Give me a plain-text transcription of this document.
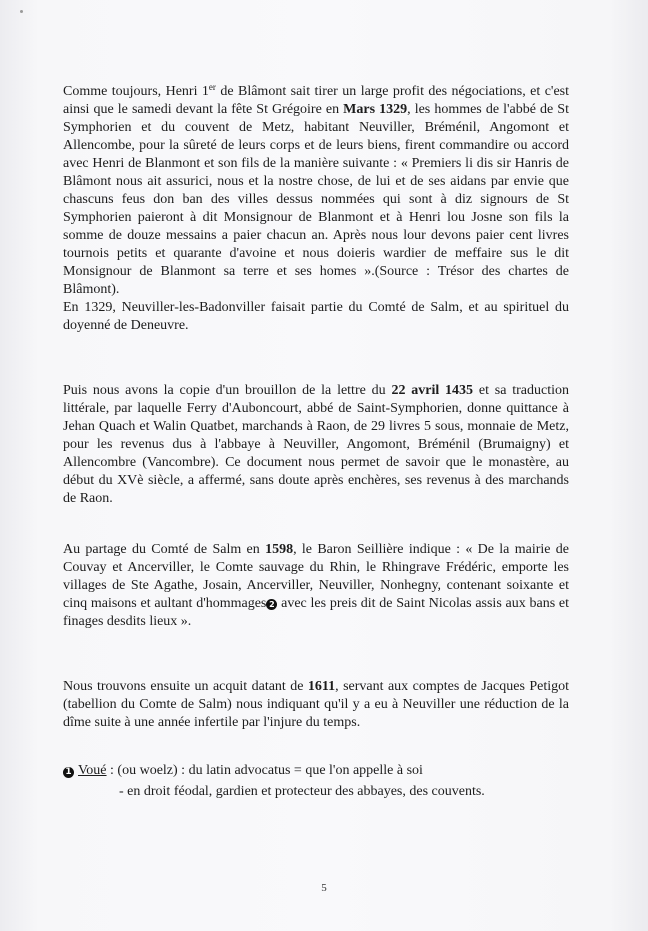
Comme toujours, Henri 1er de Blâmont sait tirer un large profit des négociations, et c'est ainsi que le samedi devant la fête St Grégoire en Mars 1329, les hommes de l'abbé de St Symphorien et du couvent de Metz, habitant Neuviller, Bréménil, Angomont et Allencombe, pour la sûreté de leurs corps et de leurs biens, firent commandire ou accord avec Henri de Blanmont et son fils de la manière suivante : « Premiers li dis sir Hanris de Blâmont nous ait assurici, nous et la nostre chose, de lui et de ses aidans par envie que chascuns feus don ban des villes dessus nommées qui sont à diz signours de St Symphorien paieront à dit Monsignour de Blanmont et à Henri lou Josne son fils la somme de douze messains a paier chacun an. Après nous lour devons paier cent livres tournois petits et quarante d'avoine et nous doieris wardier de meffaire sus le dit Monsignour de Blanmont sa terre et ses homes ».(Source : Trésor des chartes de Blâmont).

En 1329, Neuviller-les-Badonviller faisait partie du Comté de Salm, et au spirituel du doyenné de Deneuvre.

Puis nous avons la copie d'un brouillon de la lettre du 22 avril 1435 et sa traduction littérale, par laquelle Ferry d'Auboncourt, abbé de Saint-Symphorien, donne quittance à Jehan Quach et Walin Quatbet, marchands à Raon, de 29 livres 5 sous, monnaie de Metz, pour les revenus dus à l'abbaye à Neuviller, Angomont, Bréménil (Brumaigny) et Allencombre (Vancombre). Ce document nous permet de savoir que le monastère, au début du XVè siècle, a affermé, sans doute après enchères, ses revenus à des marchands de Raon.

Au partage du Comté de Salm en 1598, le Baron Seillière indique : « De la mairie de Couvay et Ancerviller, le Comte sauvage du Rhin, le Rhingrave Frédéric, emporte les villages de Ste Agathe, Josain, Ancerviller, Neuviller, Nonhegny, contenant soixante et cinq maisons et aultant d'hommages 2 avec les preis dit de Saint Nicolas assis aux bans et finages desdits lieux ».

Nous trouvons ensuite un acquit datant de 1611, servant aux comptes de Jacques Petigot (tabellion du Comte de Salm) nous indiquant qu'il y a eu à Neuviller une réduction de la dîme suite à une année infertile par l'injure du temps.

1 Voué : (ou woelz) : du latin advocatus = que l'on appelle à soi
- en droit féodal, gardien et protecteur des abbayes, des couvents.
5
